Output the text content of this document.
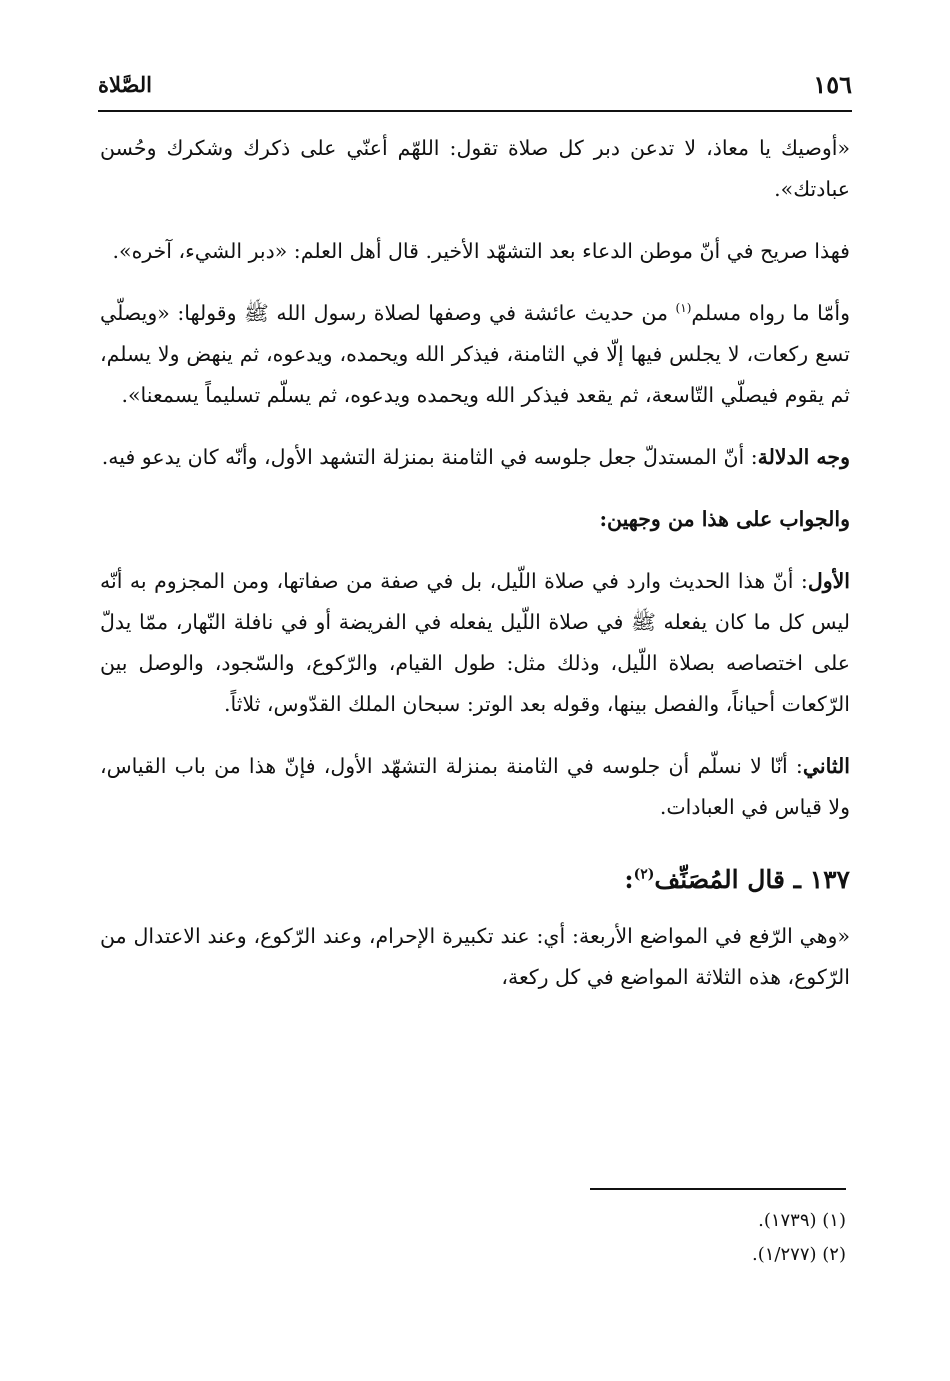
١٥٦
الصَّلاة

«أوصيك يا معاذ، لا تدعن دبر كل صلاة تقول: اللهّم أعنّي على ذكرك وشكرك وحُسن عبادتك».

فهذا صريح في أنّ موطن الدعاء بعد التشهّد الأخير. قال أهل العلم: «دبر الشيء، آخره».

وأمّا ما رواه مسلم$^{(١)}$ من حديث عائشة في وصفها لصلاة رسول الله ﷺ وقولها: «ويصلّي تسع ركعات، لا يجلس فيها إلّا في الثامنة، فيذكر الله ويحمده، ويدعوه، ثم ينهض ولا يسلم، ثم يقوم فيصلّي التّاسعة، ثم يقعد فيذكر الله ويحمده ويدعوه، ثم يسلّم تسليماً يسمعنا».

وجه الدلالة: أنّ المستدلّ جعل جلوسه في الثامنة بمنزلة التشهد الأول، وأنّه كان يدعو فيه.

والجواب على هذا من وجهين:

الأول: أنّ هذا الحديث وارد في صلاة اللّيل، بل في صفة من صفاتها، ومن المجزوم به أنّه ليس كل ما كان يفعله ﷺ في صلاة اللّيل يفعله في الفريضة أو في نافلة النّهار، ممّا يدلّ على اختصاصه بصلاة اللّيل، وذلك مثل: طول القيام، والرّكوع، والسّجود، والوصل بين الرّكعات أحياناً، والفصل بينها، وقوله بعد الوتر: سبحان الملك القدّوس، ثلاثاً.

الثاني: أنّا لا نسلّم أن جلوسه في الثامنة بمنزلة التشهّد الأول، فإنّ هذا من باب القياس، ولا قياس في العبادات.

١٣٧ ـ قال المُصَنِّف$^{(٢)}$:

«وهي الرّفع في المواضع الأربعة: أي: عند تكبيرة الإحرام، وعند الرّكوع، وعند الاعتدال من الرّكوع، هذه الثلاثة المواضع في كل ركعة،

(١) (١٧٣٩).
(٢) (١/٢٧٧).
